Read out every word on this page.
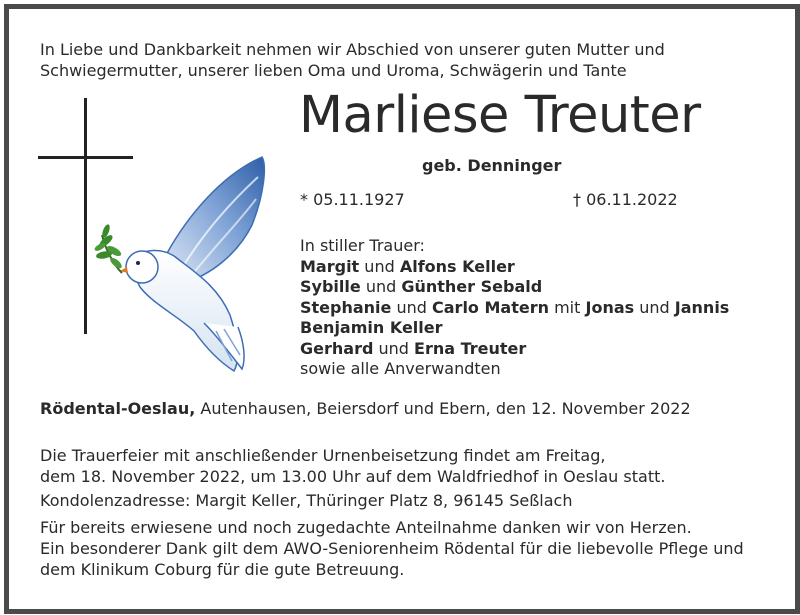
In Liebe und Dankbarkeit nehmen wir Abschied von unserer guten Mutter und
Schwiegermutter, unserer lieben Oma und Uroma, Schwägerin und Tante
Marliese Treuter
geb. Denninger
* 05.11.1927	† 06.11.2022
In stiller Trauer:
Margit und Alfons Keller
Sybille und Günther Sebald
Stephanie und Carlo Matern mit Jonas und Jannis
Benjamin Keller
Gerhard und Erna Treuter
sowie alle Anverwandten
Rödental-Oeslau, Autenhausen, Beiersdorf und Ebern, den 12. November 2022
Die Trauerfeier mit anschließender Urnenbeisetzung findet am Freitag,
dem 18. November 2022, um 13.00 Uhr auf dem Waldfriedhof in Oeslau statt.
Kondolenzadresse: Margit Keller, Thüringer Platz 8, 96145 Seßlach
Für bereits erwiesene und noch zugedachte Anteilnahme danken wir von Herzen.
Ein besonderer Dank gilt dem AWO-Seniorenheim Rödental für die liebevolle Pflege und
dem Klinikum Coburg für die gute Betreuung.
